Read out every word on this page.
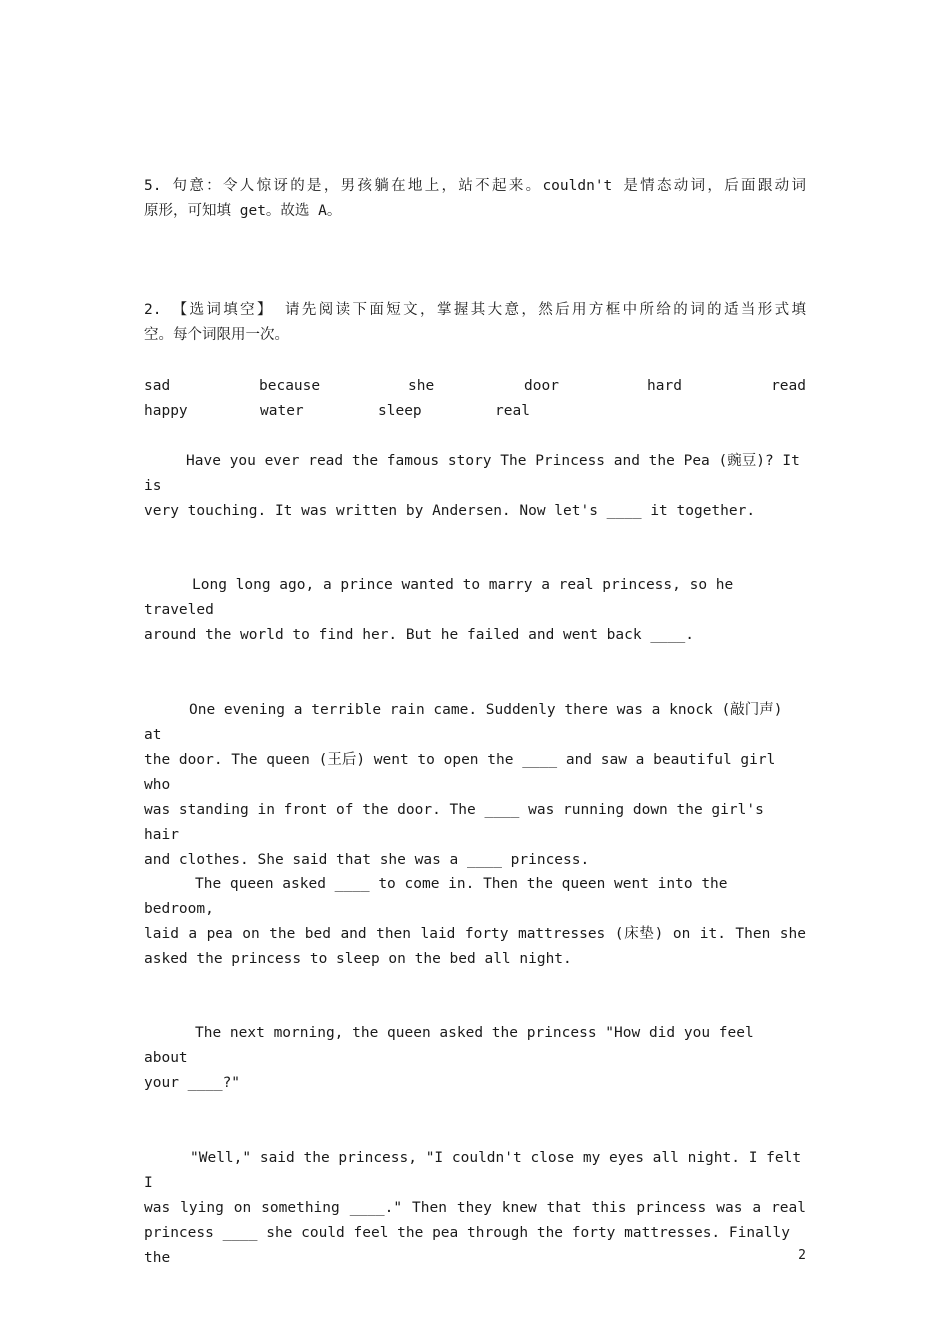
5. 句意：令人惊讶的是，男孩躺在地上，站不起来。couldn't 是情态动词，后面跟动词
原形，可知填 get。故选 A。
2. 【选词填空】 请先阅读下面短文，掌握其大意，然后用方框中所给的词的适当形式填
空。每个词限用一次。
sad	because	she	door	hard	read
happy	water	sleep	real
Have you ever read the famous story The Princess and the Pea (豌豆)? It is
very touching. It was written by Andersen. Now let's ____ it together.
Long long ago, a prince wanted to marry a real princess, so he traveled
around the world to find her. But he failed and went back ____.
One evening a terrible rain came. Suddenly there was a knock (敲门声) at
the door. The queen (王后) went to open the ____ and saw a beautiful girl who
was standing in front of the door. The ____ was running down the girl's hair
and clothes. She said that she was a ____ princess.
The queen asked ____ to come in. Then the queen went into the bedroom,
laid a pea on the bed and then laid forty mattresses (床垫) on it. Then she
asked the princess to sleep on the bed all night.
The next morning, the queen asked the princess "How did you feel about
your ____?"
"Well," said the princess, "I couldn't close my eyes all night. I felt I
was lying on something ____." Then they knew that this princess was a real
princess ____ she could feel the pea through the forty mattresses. Finally the	2
